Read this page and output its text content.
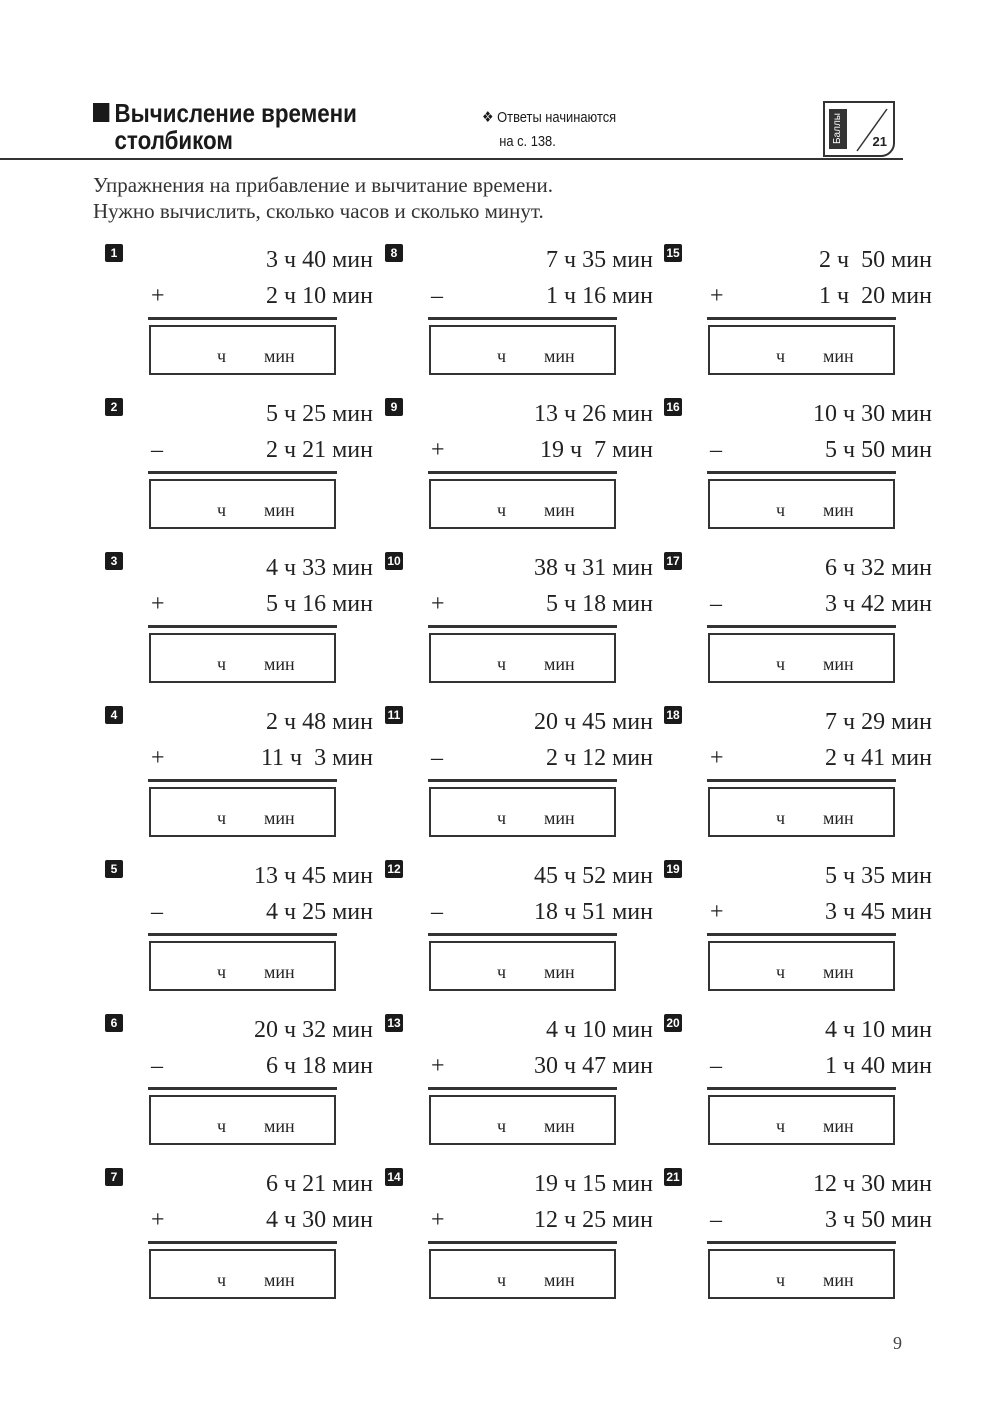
Вычисление времени
столбиком
❖ Ответы начинаются
на с. 138.	Баллы	21
Упражнения на прибавление и вычитание времени.
Нужно вычислить, сколько часов и сколько минут.
1	3 ч 40 мин
+	2 ч 10 мин
ч мин
2	5 ч 25 мин
–	2 ч 21 мин
ч мин
3	4 ч 33 мин
+	5 ч 16 мин
ч мин
4	2 ч 48 мин
+	11 ч  3 мин
ч мин
5	13 ч 45 мин
–	4 ч 25 мин
ч мин
6	20 ч 32 мин
–	6 ч 18 мин
ч мин
7	6 ч 21 мин
+	4 ч 30 мин
ч мин
8	7 ч 35 мин
–	1 ч 16 мин
ч мин
9	13 ч 26 мин
+	19 ч  7 мин
ч мин
10	38 ч 31 мин
+	5 ч 18 мин
ч мин
11	20 ч 45 мин
–	2 ч 12 мин
ч мин
12	45 ч 52 мин
–	18 ч 51 мин
ч мин
13	4 ч 10 мин
+	30 ч 47 мин
ч мин
14	19 ч 15 мин
+	12 ч 25 мин
ч мин
15	2 ч  50 мин
+	1 ч  20 мин
ч мин
16	10 ч 30 мин
–	5 ч 50 мин
ч мин
17	6 ч 32 мин
–	3 ч 42 мин
ч мин
18	7 ч 29 мин
+	2 ч 41 мин
ч мин
19	5 ч 35 мин
+	3 ч 45 мин
ч мин
20	4 ч 10 мин
–	1 ч 40 мин
ч мин
21	12 ч 30 мин
–	3 ч 50 мин
ч мин
9
